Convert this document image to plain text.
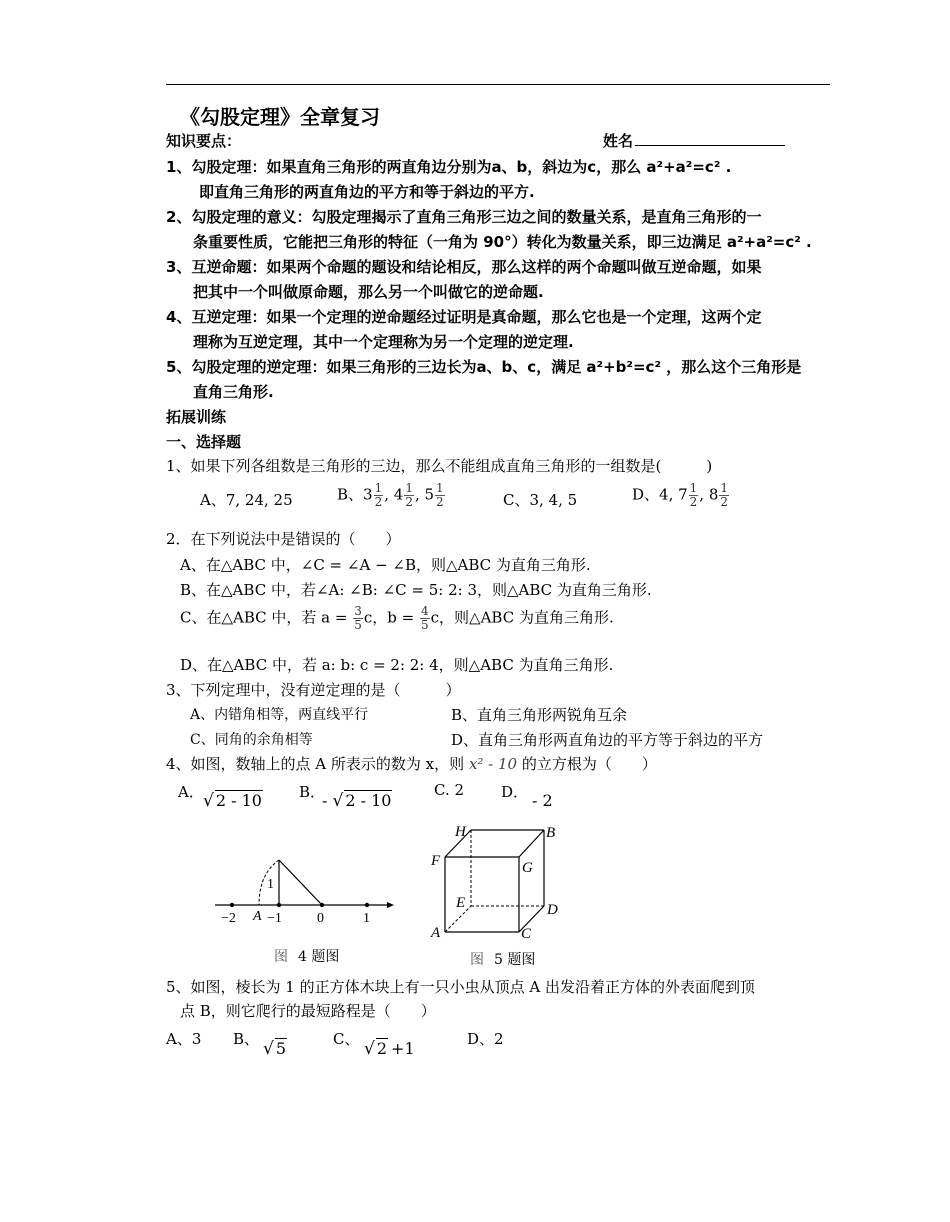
《勾股定理》全章复习
知识要点：	姓名
1、勾股定理：如果直角三角形的两直角边分别为a、b，斜边为c，那么 a²+a²=c² .
即直角三角形的两直角边的平方和等于斜边的平方.
2、勾股定理的意义：勾股定理揭示了直角三角形三边之间的数量关系，是直角三角形的一
条重要性质，它能把三角形的特征（一角为 90°）转化为数量关系，即三边满足 a²+a²=c² .
3、互逆命题：如果两个命题的题设和结论相反，那么这样的两个命题叫做互逆命题，如果
把其中一个叫做原命题，那么另一个叫做它的逆命题.
4、互逆定理：如果一个定理的逆命题经过证明是真命题，那么它也是一个定理，这两个定
理称为互逆定理，其中一个定理称为另一个定理的逆定理.
5、勾股定理的逆定理：如果三角形的三边长为a、b、c，满足 a²+b²=c² ，那么这个三角形是
直角三角形.
拓展训练
一、选择题
1、如果下列各组数是三角形的三边，那么不能组成直角三角形的一组数是(　　　)
A、7, 24, 25	B、$3 \frac{1}{2}$ , $4 \frac{1}{2}$ , $5 \frac{1}{2}$	C、3, 4, 5	D、4, $7 \frac{1}{2}$ , $8 \frac{1}{2}$
2．在下列说法中是错误的（　　）
A、在△ABC 中，∠C = ∠A − ∠B，则△ABC 为直角三角形.
B、在△ABC 中，若∠A: ∠B: ∠C = 5: 2: 3，则△ABC 为直角三角形.
C、在△ABC 中，若 $a = \frac{3}{5}$ c，$b = \frac{4}{5}$ c，则△ABC 为直角三角形.
D、在△ABC 中，若 a: b: c = 2: 2: 4，则△ABC 为直角三角形.
3、下列定理中，没有逆定理的是（　　　）
A、内错角相等，两直线平行	B、直角三角形两锐角互余
C、同角的余角相等	D、直角三角形两直角边的平方等于斜边的平方
4、如图，数轴上的点 A 所表示的数为 x，则 x² - 10 的立方根为（　　）
A． √ 2 - 10 B．
- √ 2 - 10
C. 2 D． - 2
−2 A −1	0	1
1
图 4 题图
H	B
F	G
E	D
A	C
图 5 题图
5、如图，棱长为 1 的正方体木块上有一只小虫从顶点 A 出发沿着正方体的外表面爬到顶
点 B，则它爬行的最短路程是（　　）
A、3 B、 √ 5	C、 √ 2 +1	D、2
